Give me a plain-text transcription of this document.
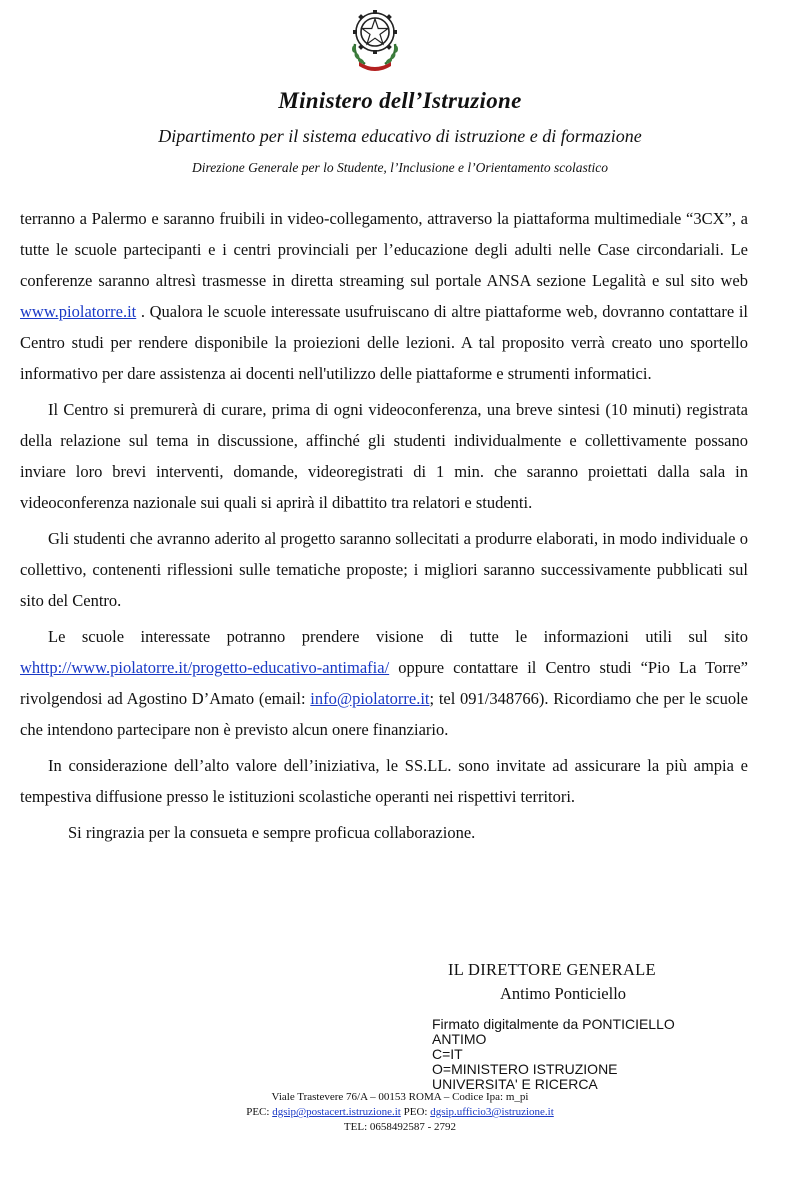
Ministero dell’Istruzione
Dipartimento per il sistema educativo di istruzione e di formazione
Direzione Generale per lo Studente, l’Inclusione e l’Orientamento scolastico

terranno a Palermo e saranno fruibili in video-collegamento, attraverso la piattaforma multimediale “3CX”, a tutte le scuole partecipanti e i centri provinciali per l’educazione degli adulti nelle Case circondariali. Le conferenze saranno altresì trasmesse in diretta streaming sul portale ANSA sezione Legalità e sul sito web www.piolatorre.it . Qualora le scuole interessate usufruiscano di altre piattaforme web, dovranno contattare il Centro studi per rendere disponibile la proiezioni delle lezioni. A tal proposito verrà creato uno sportello informativo per dare assistenza ai docenti nell'utilizzo delle piattaforme e strumenti informatici.

Il Centro si premurerà di curare, prima di ogni videoconferenza, una breve sintesi (10 minuti) registrata della relazione sul tema in discussione, affinché gli studenti individualmente e collettivamente possano inviare loro brevi interventi, domande, videoregistrati di 1 min. che saranno proiettati dalla sala in videoconferenza nazionale sui quali si aprirà il dibattito tra relatori e studenti.

Gli studenti che avranno aderito al progetto saranno sollecitati a produrre elaborati, in modo individuale o collettivo, contenenti riflessioni sulle tematiche proposte; i migliori saranno successivamente pubblicati sul sito del Centro.

Le scuole interessate potranno prendere visione di tutte le informazioni utili sul sito whttp://www.piolatorre.it/progetto-educativo-antimafia/ oppure contattare il Centro studi “Pio La Torre” rivolgendosi ad Agostino D’Amato (email: info@piolatorre.it; tel 091/348766). Ricordiamo che per le scuole che intendono partecipare non è previsto alcun onere finanziario.

In considerazione dell’alto valore dell’iniziativa, le SS.LL. sono invitate ad assicurare la più ampia e tempestiva diffusione presso le istituzioni scolastiche operanti nei rispettivi territori.

Si ringrazia per la consueta e sempre proficua collaborazione.

IL DIRETTORE GENERALE
Antimo Ponticiello
Firmato digitalmente da PONTICIELLO
ANTIMO
C=IT
O=MINISTERO ISTRUZIONE
UNIVERSITA' E RICERCA
Viale Trastevere 76/A – 00153 ROMA – Codice Ipa: m_pi
PEC: dgsip@postacert.istruzione.it PEO: dgsip.ufficio3@istruzione.it
TEL: 0658492587 - 2792
